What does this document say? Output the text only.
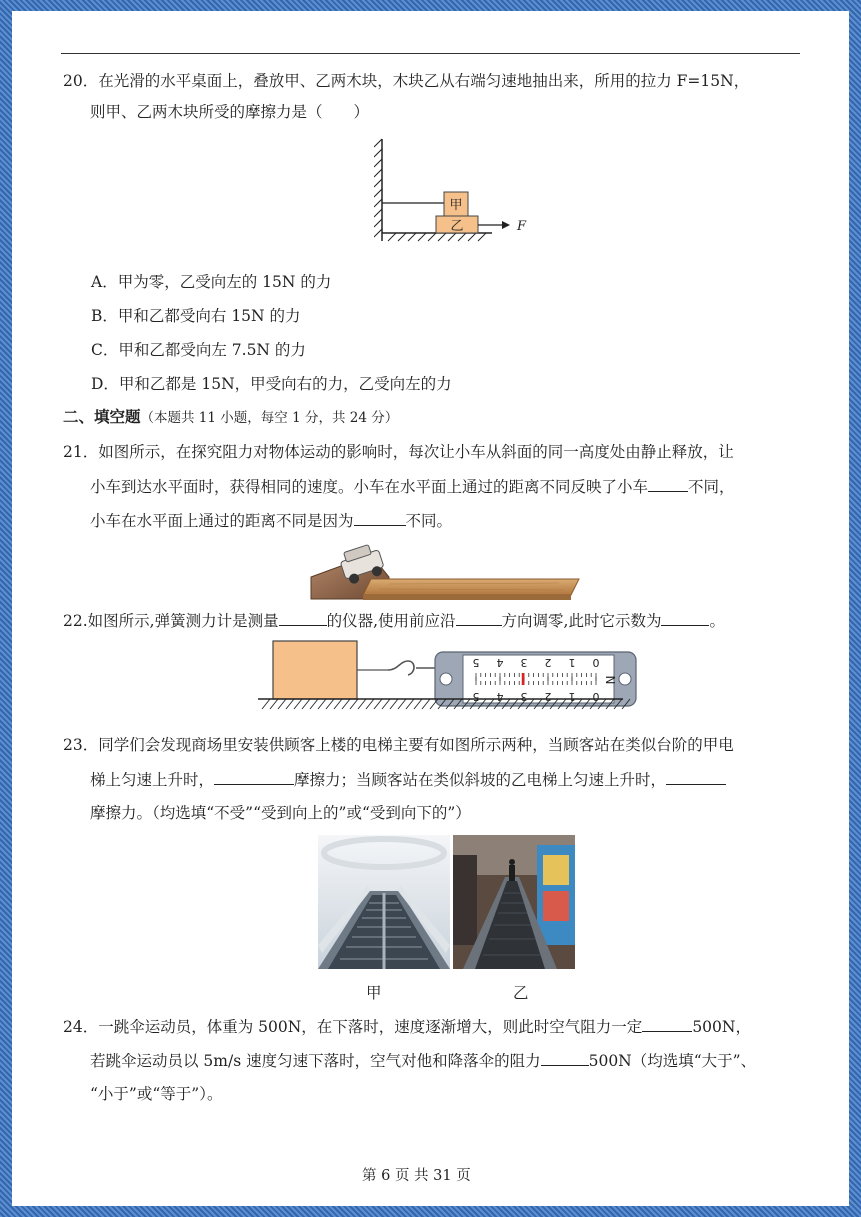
20．在光滑的水平桌面上，叠放甲、乙两木块，木块乙从右端匀速地抽出来，所用的拉力 F=15N，
则甲、乙两木块所受的摩擦力是（　　）
甲
乙	F
A．甲为零，乙受向左的 15N 的力
B．甲和乙都受向右 15N 的力
C．甲和乙都受向左 7.5N 的力
D．甲和乙都是 15N，甲受向右的力，乙受向左的力
二、填空题（本题共 11 小题，每空 1 分，共 24 分）
21．如图所示，在探究阻力对物体运动的影响时，每次让小车从斜面的同一高度处由静止释放，让
小车到达水平面时，获得相同的速度。小车在水平面上通过的距离不同反映了小车	不同，
小车在水平面上通过的距离不同是因为	不同。
22.如图所示,弹簧测力计是测量	的仪器,使用前应沿	方向调零,此时它示数为	。
5 4 3 2 1 0
5 4 3 2 1 0
N
23．同学们会发现商场里安装供顾客上楼的电梯主要有如图所示两种，当顾客站在类似台阶的甲电
梯上匀速上升时，	摩擦力；当顾客站在类似斜坡的乙电梯上匀速上升时，
摩擦力。（均选填“不受”“受到向上的”或“受到向下的”）
甲	乙
24．一跳伞运动员，体重为 500N，在下落时，速度逐渐增大，则此时空气阻力一定	500N，
若跳伞运动员以 5m/s 速度匀速下落时，空气对他和降落伞的阻力	500N（均选填“大于”、
“小于”或“等于”）。
第 6 页 共 31 页
